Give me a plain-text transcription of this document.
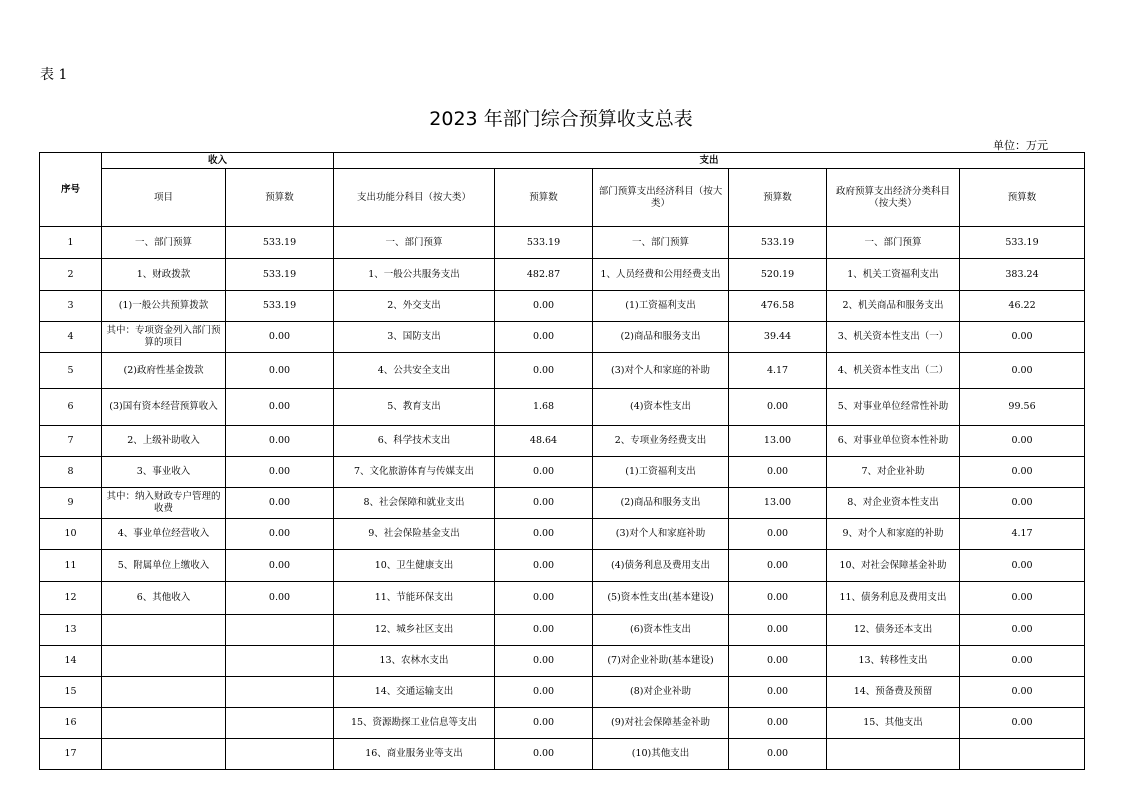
表 1
2023 年部门综合预算收支总表
单位：万元
序号	收入		支出					
	项目	预算数	支出功能分科目（按大类）	预算数	部门预算支出经济科目（按大类）	预算数	政府预算支出经济分类科目（按大类）	预算数
1	一、部门预算	533.19	一、部门预算	533.19	一、部门预算	533.19	一、部门预算	533.19
2	1、财政拨款	533.19	1、一般公共服务支出	482.87	1、人员经费和公用经费支出	520.19	1、机关工资福利支出	383.24
3	(1)一般公共预算拨款	533.19	2、外交支出	0.00	(1)工资福利支出	476.58	2、机关商品和服务支出	46.22
4	其中：专项资金列入部门预算的项目	0.00	3、国防支出	0.00	(2)商品和服务支出	39.44	3、机关资本性支出（一）	0.00
5	(2)政府性基金拨款	0.00	4、公共安全支出	0.00	(3)对个人和家庭的补助	4.17	4、机关资本性支出（二）	0.00
6	(3)国有资本经营预算收入	0.00	5、教育支出	1.68	(4)资本性支出	0.00	5、对事业单位经常性补助	99.56
7	2、上级补助收入	0.00	6、科学技术支出	48.64	2、专项业务经费支出	13.00	6、对事业单位资本性补助	0.00
8	3、事业收入	0.00	7、文化旅游体育与传媒支出	0.00	(1)工资福利支出	0.00	7、对企业补助	0.00
9	其中：纳入财政专户管理的收费	0.00	8、社会保障和就业支出	0.00	(2)商品和服务支出	13.00	8、对企业资本性支出	0.00
10	4、事业单位经营收入	0.00	9、社会保险基金支出	0.00	(3)对个人和家庭补助	0.00	9、对个人和家庭的补助	4.17
11	5、附属单位上缴收入	0.00	10、卫生健康支出	0.00	(4)债务利息及费用支出	0.00	10、对社会保障基金补助	0.00
12	6、其他收入	0.00	11、节能环保支出	0.00	(5)资本性支出(基本建设)	0.00	11、债务利息及费用支出	0.00
13			12、城乡社区支出	0.00	(6)资本性支出	0.00	12、债务还本支出	0.00
14			13、农林水支出	0.00	(7)对企业补助(基本建设)	0.00	13、转移性支出	0.00
15			14、交通运输支出	0.00	(8)对企业补助	0.00	14、预备费及预留	0.00
16			15、资源勘探工业信息等支出	0.00	(9)对社会保障基金补助	0.00	15、其他支出	0.00
17			16、商业服务业等支出	0.00	(10)其他支出	0.00		
